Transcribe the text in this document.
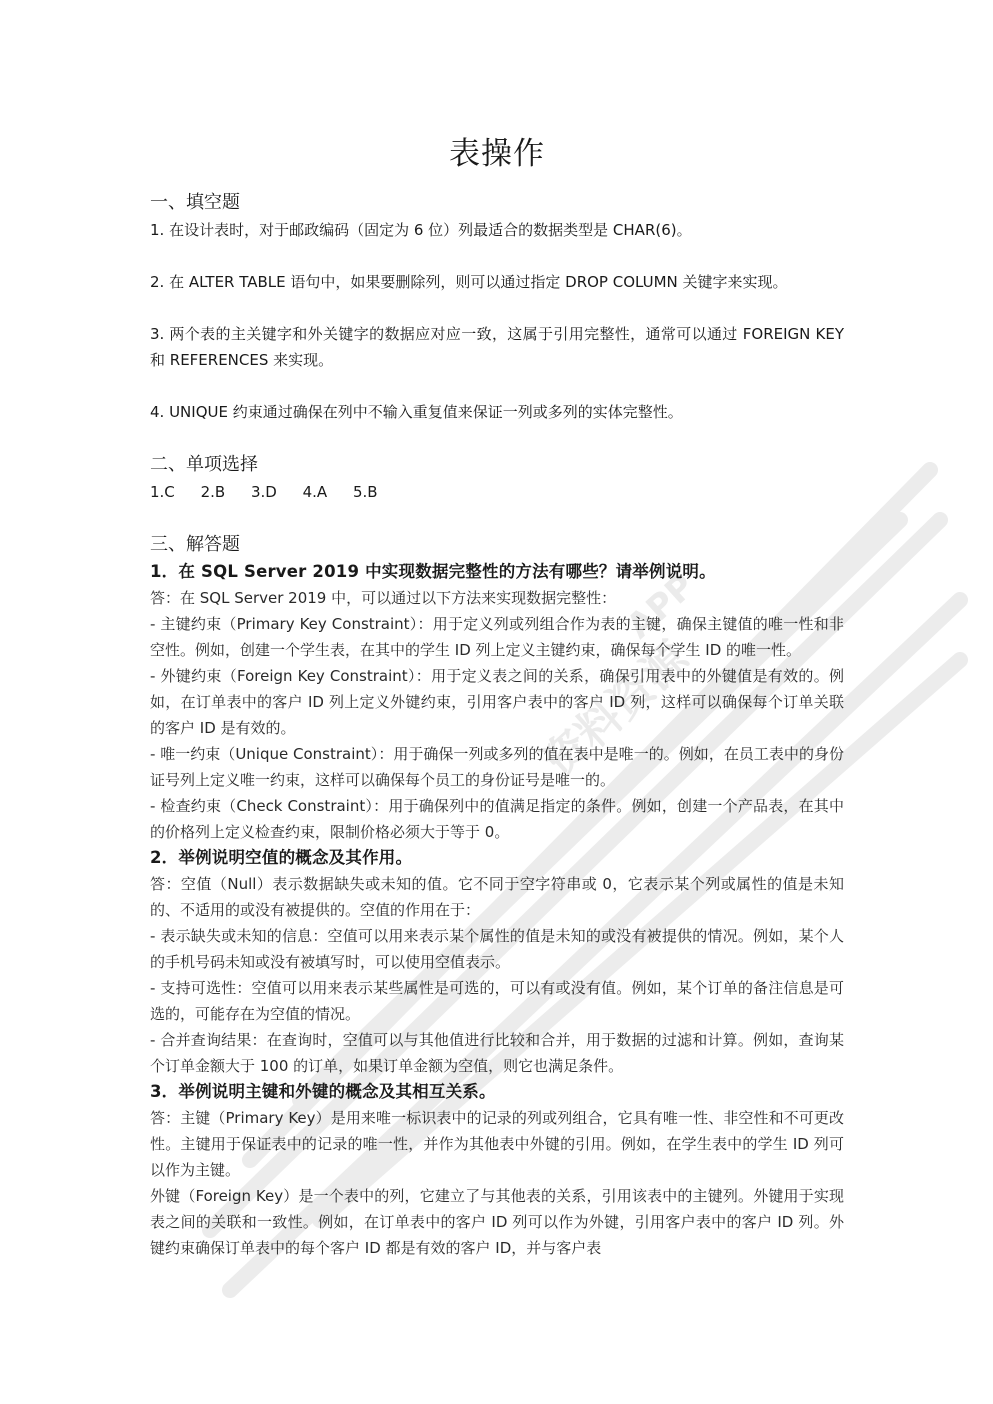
资料资源
APP
表操作
一、填空题

1. 在设计表时，对于邮政编码（固定为 6 位）列最适合的数据类型是 CHAR(6)。

2. 在 ALTER TABLE 语句中，如果要删除列，则可以通过指定 DROP COLUMN 关键字来实现。

3. 两个表的主关键字和外关键字的数据应对应一致，这属于引用完整性，通常可以通过 FOREIGN KEY 和 REFERENCES 来实现。

4. UNIQUE 约束通过确保在列中不输入重复值来保证一列或多列的实体完整性。

二、单项选择
1.C 2.B 3.D 4.A 5.B
三、解答题

1．在 SQL Server 2019 中实现数据完整性的方法有哪些？请举例说明。

答：在 SQL Server 2019 中，可以通过以下方法来实现数据完整性：

- 主键约束（Primary Key Constraint）：用于定义列或列组合作为表的主键，确保主键值的唯一性和非空性。例如，创建一个学生表，在其中的学生 ID 列上定义主键约束，确保每个学生 ID 的唯一性。

- 外键约束（Foreign Key Constraint）：用于定义表之间的关系，确保引用表中的外键值是有效的。例如，在订单表中的客户 ID 列上定义外键约束，引用客户表中的客户 ID 列，这样可以确保每个订单关联的客户 ID 是有效的。

- 唯一约束（Unique Constraint）：用于确保一列或多列的值在表中是唯一的。例如，在员工表中的身份证号列上定义唯一约束，这样可以确保每个员工的身份证号是唯一的。

- 检查约束（Check Constraint）：用于确保列中的值满足指定的条件。例如，创建一个产品表，在其中的价格列上定义检查约束，限制价格必须大于等于 0。

2．举例说明空值的概念及其作用。

答：空值（Null）表示数据缺失或未知的值。它不同于空字符串或 0，它表示某个列或属性的值是未知的、不适用的或没有被提供的。空值的作用在于：

- 表示缺失或未知的信息：空值可以用来表示某个属性的值是未知的或没有被提供的情况。例如，某个人的手机号码未知或没有被填写时，可以使用空值表示。

- 支持可选性：空值可以用来表示某些属性是可选的，可以有或没有值。例如，某个订单的备注信息是可选的，可能存在为空值的情况。

- 合并查询结果：在查询时，空值可以与其他值进行比较和合并，用于数据的过滤和计算。例如，查询某个订单金额大于 100 的订单，如果订单金额为空值，则它也满足条件。

3．举例说明主键和外键的概念及其相互关系。

答：主键（Primary Key）是用来唯一标识表中的记录的列或列组合，它具有唯一性、非空性和不可更改性。主键用于保证表中的记录的唯一性，并作为其他表中外键的引用。例如，在学生表中的学生 ID 列可以作为主键。

外键（Foreign Key）是一个表中的列，它建立了与其他表的关系，引用该表中的主键列。外键用于实现表之间的关联和一致性。例如，在订单表中的客户 ID 列可以作为外键，引用客户表中的客户 ID 列。外键约束确保订单表中的每个客户 ID 都是有效的客户 ID，并与客户表
